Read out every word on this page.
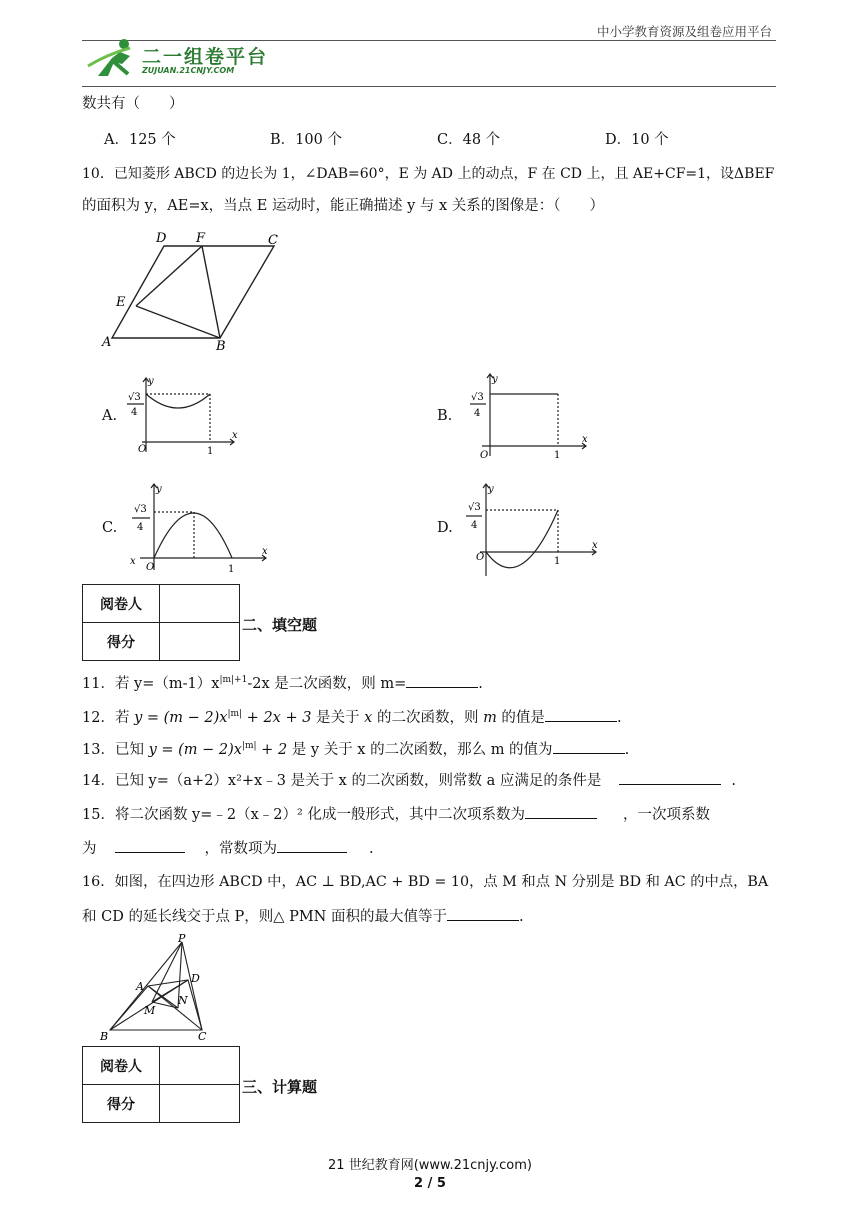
中小学教育资源及组卷应用平台
二一组卷平台
ZUJUAN.21CNJY.COM
数共有（　　）
A．125 个	B．100 个	C．48 个	D．10 个
10．已知菱形 ABCD 的边长为 1，∠DAB=60°，E 为 AD 上的动点，F 在 CD 上，且 AE+CF=1，设ΔBEF
的面积为 y，AE=x，当点 E 运动时，能正确描述 y 与 x 关系的图像是：（　　）
D F	C
E
A	B
A.	B.
C.	D.
y
x
O	1
√3
4
y
x
O	1
√3
4
y
x
x
O	1
√3
4
y
x
O	1
√3
4
阅卷人	
得分	
二、填空题
11．若 $y=(m-1)x^{|m|+1}-2x$ 是二次函数，则 m=	.
12．若 $y = (m - 2)x^{|m|} + 2x + 3$ 是关于 x 的二次函数，则 m 的值是	.
13．已知 $y = (m - 2)x^{|m|} + 2$ 是 y 关于 x 的二次函数，那么 m 的值为	.
14．已知 y=（a+2）x²+x﹣3 是关于 x 的二次函数，则常数 a 应满足的条件是	.
15．将二次函数 y=﹣2（x﹣2）² 化成一般形式，其中二次项系数为	，一次项系数
为	，常数项为	.
16．如图，在四边形 ABCD 中，AC ⊥ BD,AC + BD = 10，点 M 和点 N 分别是 BD 和 AC 的中点，BA
和 CD 的延长线交于点 P，则△ PMN 面积的最大值等于	.
P
A
D
M
N
B	C
阅卷人	
得分	
三、计算题
21 世纪教育网(www.21cnjy.com)
2 / 5
